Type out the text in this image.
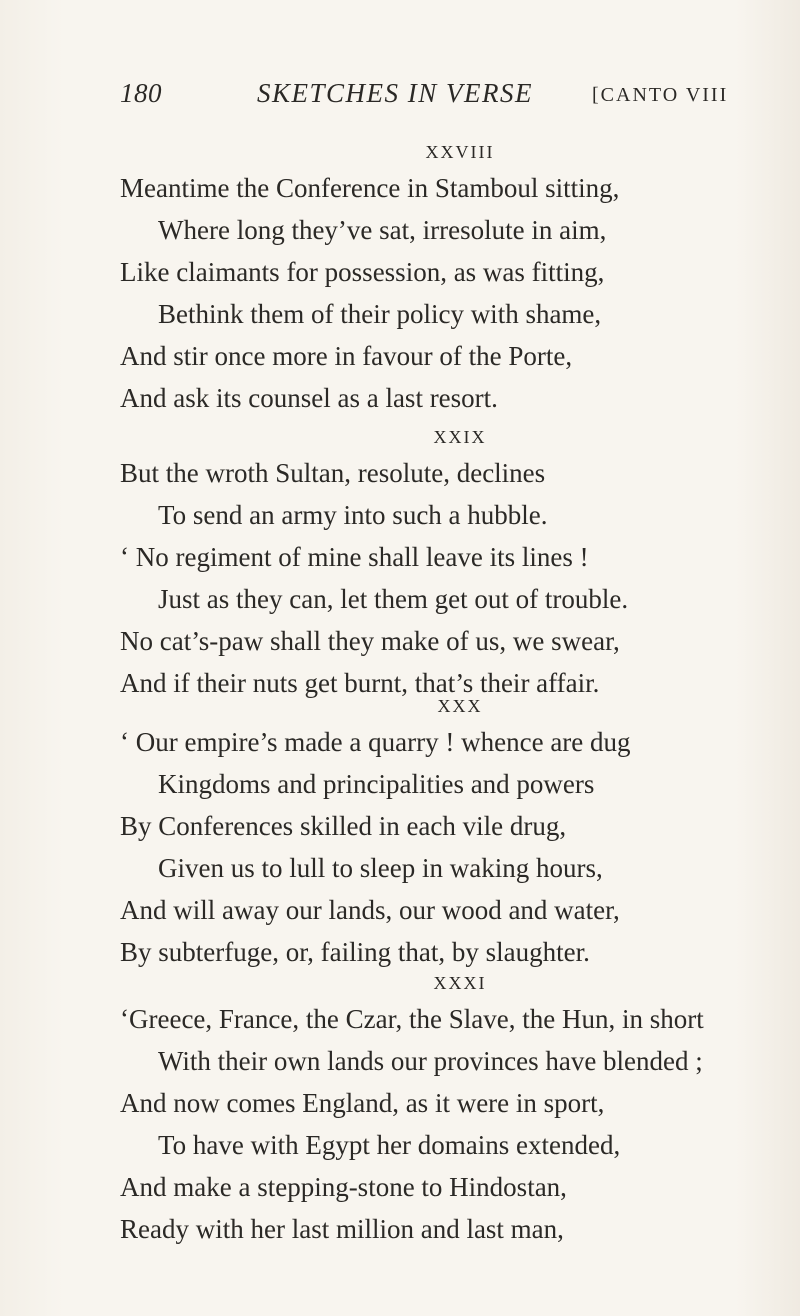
180	SKETCHES IN VERSE	[CANTO VIII
XXVIII
Meantime the Conference in Stamboul sitting,
Where long they’ve sat, irresolute in aim,
Like claimants for possession, as was fitting,
Bethink them of their policy with shame,
And stir once more in favour of the Porte,
And ask its counsel as a last resort.
XXIX
But the wroth Sultan, resolute, declines
To send an army into such a hubble.
‘ No regiment of mine shall leave its lines !
Just as they can, let them get out of trouble.
No cat’s-paw shall they make of us, we swear,
And if their nuts get burnt, that’s their affair.
XXX
‘ Our empire’s made a quarry ! whence are dug
Kingdoms and principalities and powers
By Conferences skilled in each vile drug,
Given us to lull to sleep in waking hours,
And will away our lands, our wood and water,
By subterfuge, or, failing that, by slaughter.
XXXI
‘Greece, France, the Czar, the Slave, the Hun, in short
With their own lands our provinces have blended ;
And now comes England, as it were in sport,
To have with Egypt her domains extended,
And make a stepping-stone to Hindostan,
Ready with her last million and last man,
